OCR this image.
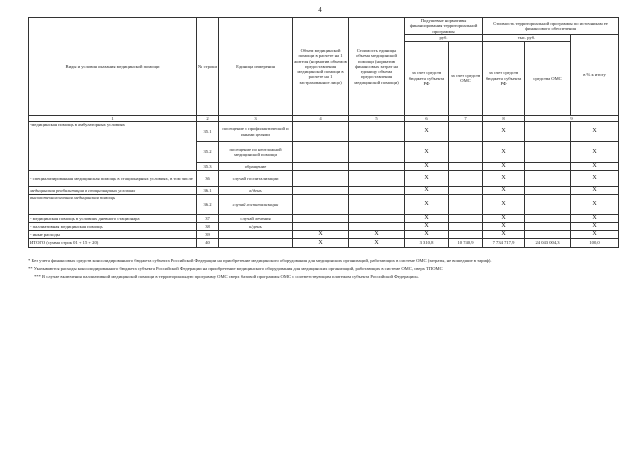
4
Виды и условия оказания медицинской помощи	№ строки	Единица измерения	Объем медицинской помощи в расчете на 1 жителя (норматив объемов предоставления медицинской помощи в расчете на 1 застрахованное лицо)	Стоимость единицы объема медицинской помощи (норматив финансовых затрат на единицу объема предоставления медицинской помощи)	Подушевые нормативы финансирования территориальной программы		Стоимость территориальной программы по источникам ее финансового обеспечения		
					руб.		тыс. руб.		в % к итогу
					за счет средств бюджета субъекта РФ	за счет средств ОМС	за счет средств бюджета субъекта РФ	средства ОМС	
1	2	3	4	5	6	7	8	9	
-медицинская помощь в амбулаторных условиях	35.1	посещение с профилактической и иными целями			X		X		X
	35.2	посещение по неотложной медицинской помощи			X		X		X
	35.3	обращение			X		X		X
- специализированная медицинская помощь в стационарных условиях, в том числе	36	случай госпитализации			X		X		X
медицинская реабилитация в стационарных условиях	36.1	к/день			X		X		X
высокотехнологичная медицинская помощь	36.2	случай госпитализации			X		X		X
- медицинская помощь в условиях дневного стационара	37	случай лечения			X		X		X
- паллиативная медицинская помощь	38	к/день			X		X		X
- иные расходы	39		X	X	X		X		X
ИТОГО (сумма строк 01 + 15 + 20)	40		X	X	3 310,8	10 740,9	7 734 717,9	24 043 004,3	100,0

* Без учета финансовых средств консолидированного бюджета субъекта Российской Федерации на приобретение медицинского оборудования для медицинских организаций, работающих в системе ОМС (затраты, не вошедшие в тариф).

** Указываются расходы консолидированного бюджета субъекта Российской Федерации на приобретение медицинского оборудования для медицинских организаций, работающих в системе ОМС, сверх ТПОМС

*** В случае включения паллиативной медицинской помощи в территориальную программу ОМС сверх базовой программы ОМС с соответствующим платежом субъекта Российской Федерации».
